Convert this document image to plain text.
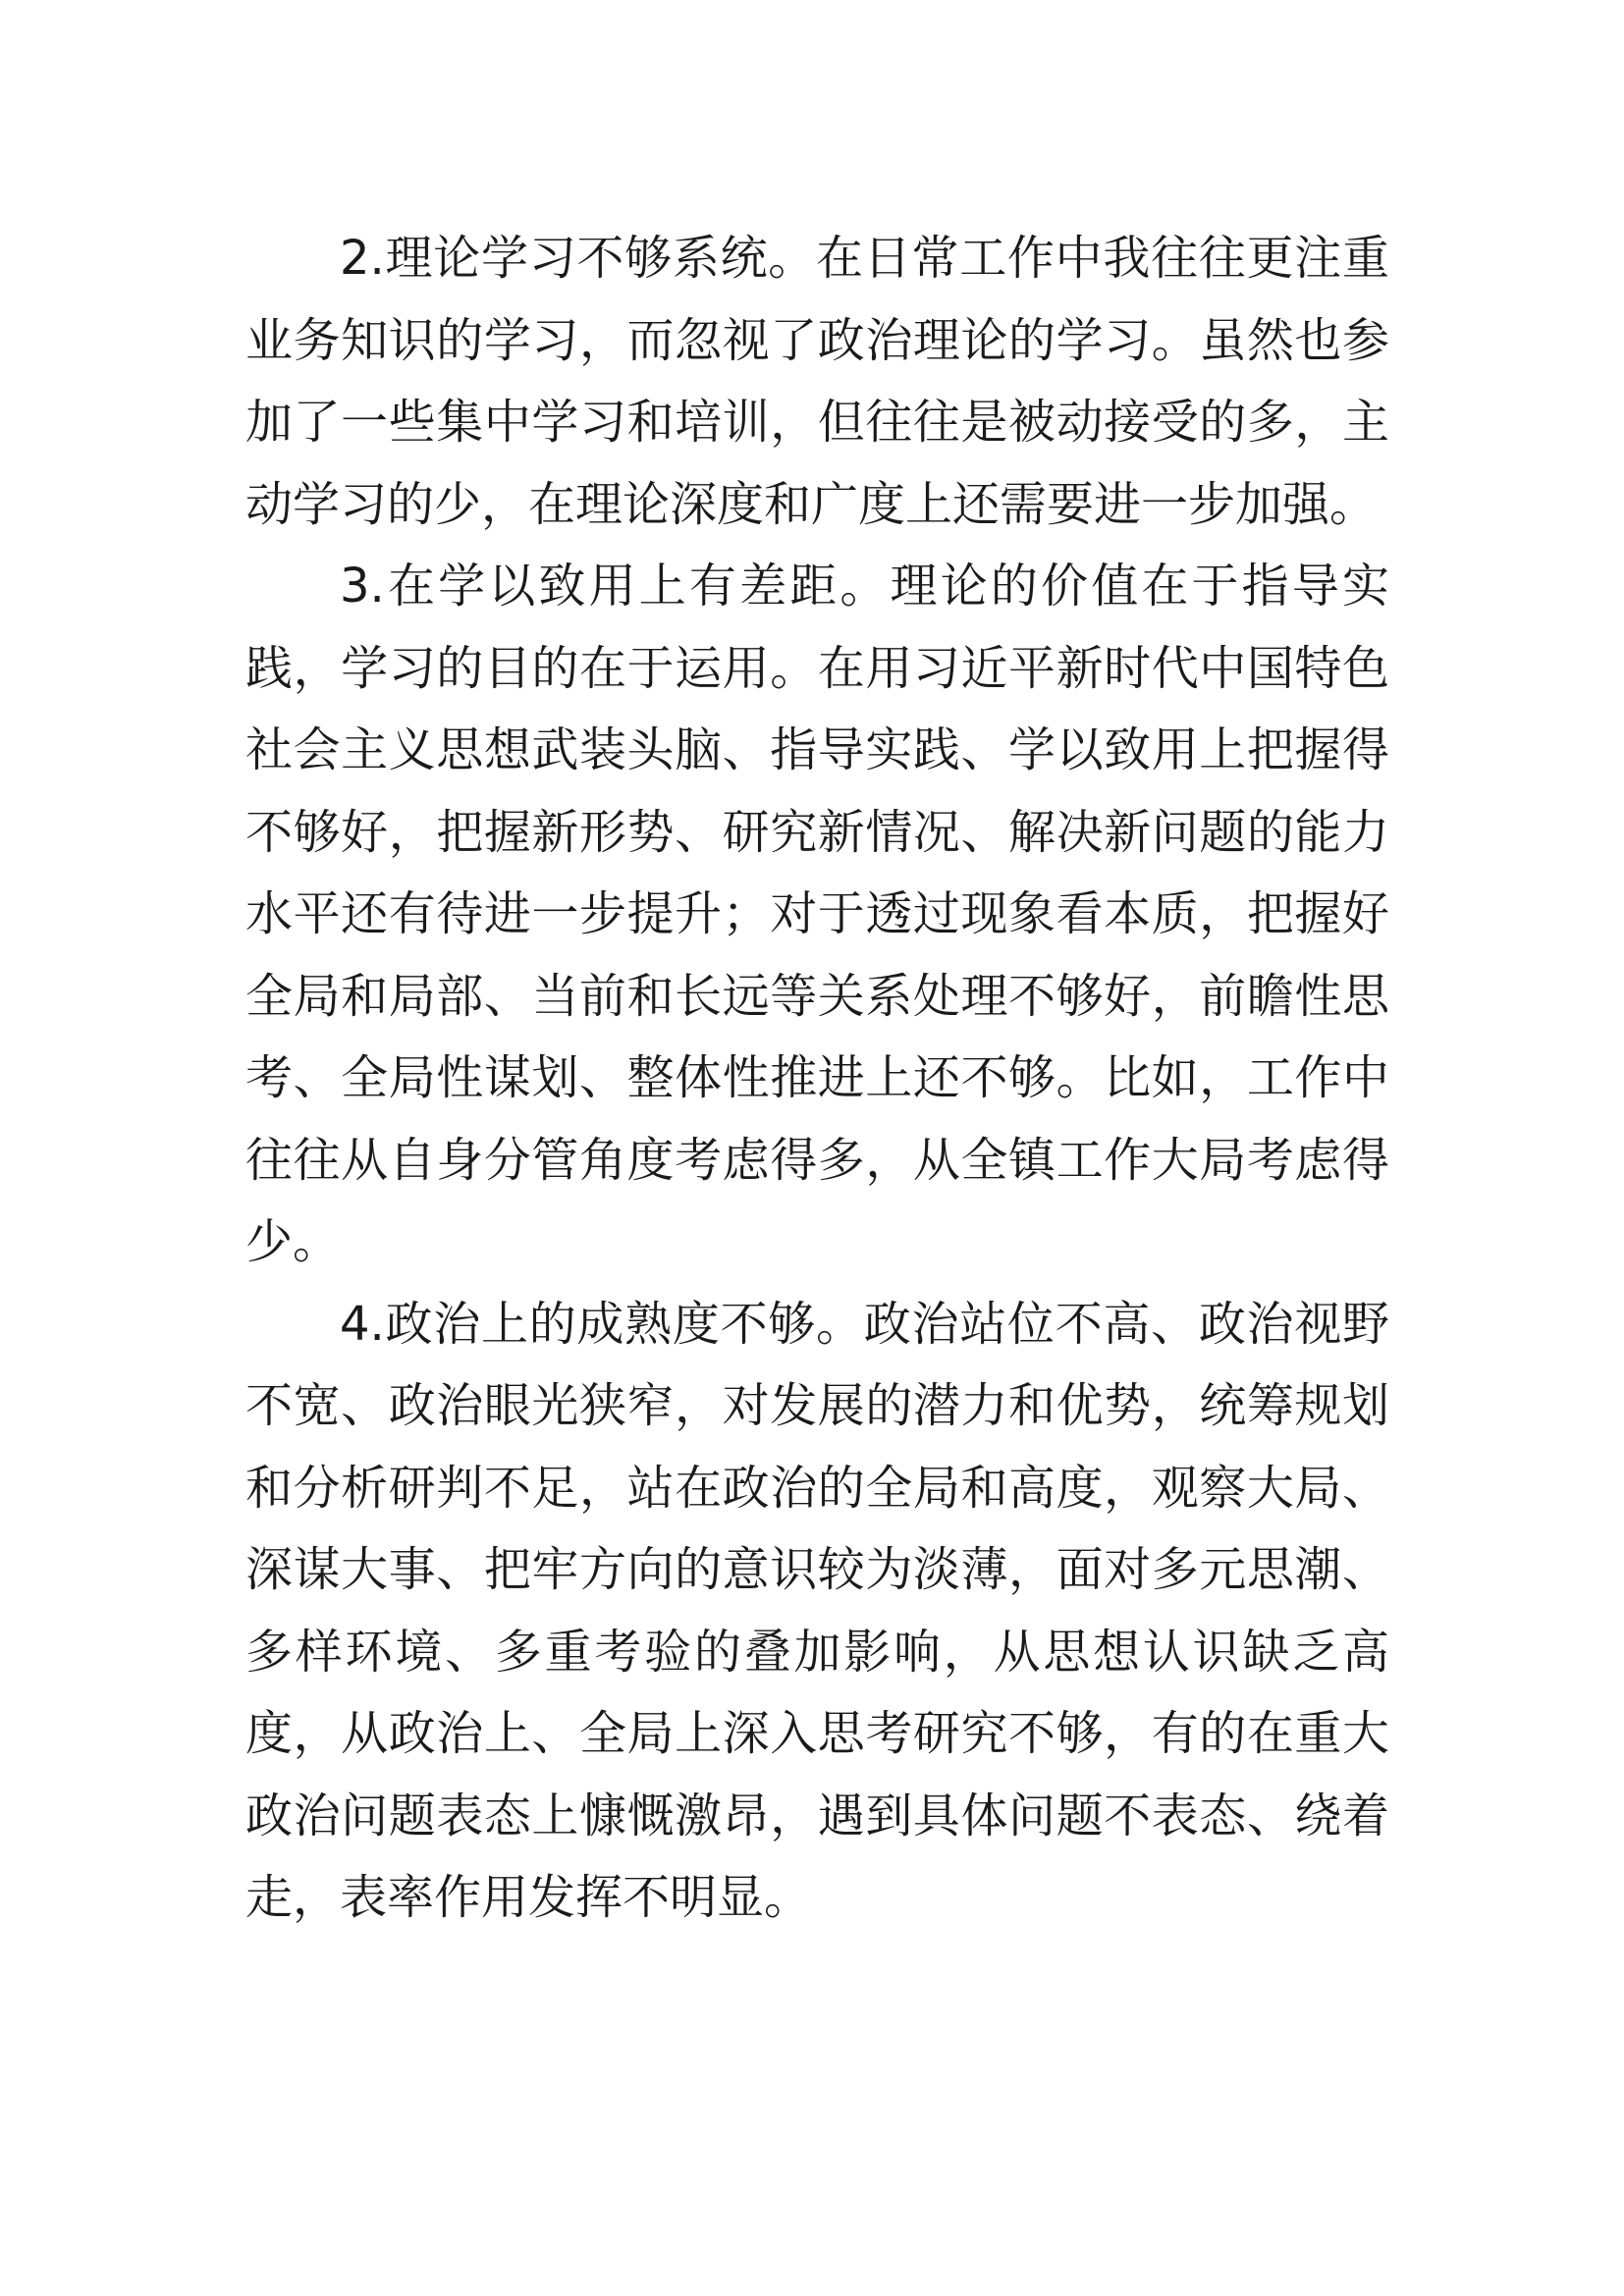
2.理论学习不够系统。在日常工作中我往往更注重业务知识的学习，而忽视了政治理论的学习。虽然也参加了一些集中学习和培训，但往往是被动接受的多，主动学习的少，在理论深度和广度上还需要进一步加强。

3.在学以致用上有差距。理论的价值在于指导实践，学习的目的在于运用。在用习近平新时代中国特色社会主义思想武装头脑、指导实践、学以致用上把握得不够好，把握新形势、研究新情况、解决新问题的能力水平还有待进一步提升；对于透过现象看本质，把握好全局和局部、当前和长远等关系处理不够好，前瞻性思考、全局性谋划、整体性推进上还不够。比如，工作中往往从自身分管角度考虑得多，从全镇工作大局考虑得少。

4.政治上的成熟度不够。政治站位不高、政治视野不宽、政治眼光狭窄，对发展的潜力和优势，统筹规划和分析研判不足，站在政治的全局和高度，观察大局、深谋大事、把牢方向的意识较为淡薄，面对多元思潮、多样环境、多重考验的叠加影响，从思想认识缺乏高度，从政治上、全局上深入思考研究不够，有的在重大政治问题表态上慷慨激昂，遇到具体问题不表态、绕着走，表率作用发挥不明显。
